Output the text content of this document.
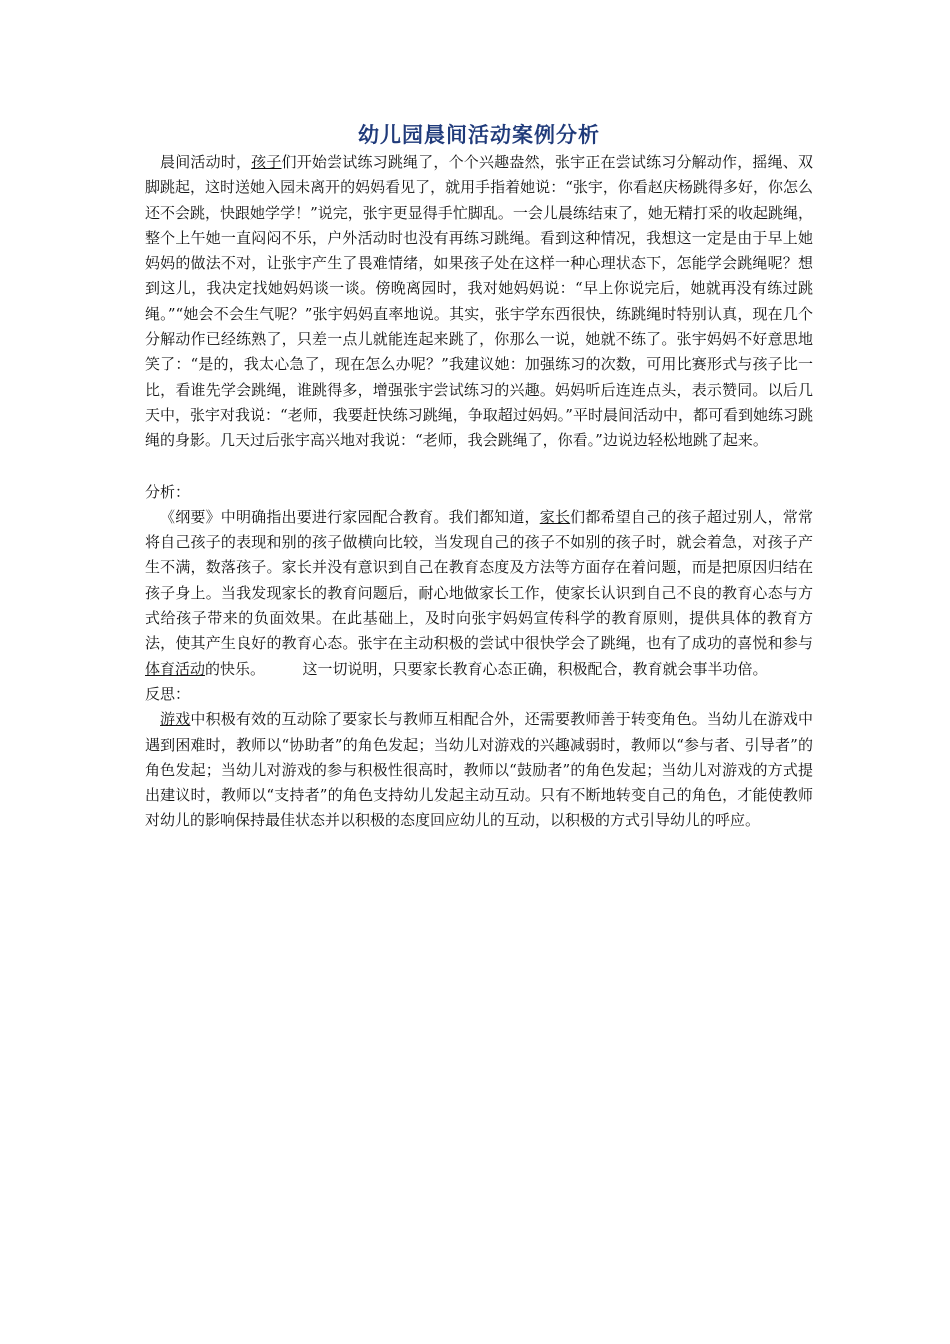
幼儿园晨间活动案例分析

晨间活动时，孩子们开始尝试练习跳绳了，个个兴趣盎然，张宇正在尝试练习分解动作，摇绳、双脚跳起，这时送她入园未离开的妈妈看见了，就用手指着她说：“张宇，你看赵庆杨跳得多好，你怎么还不会跳，快跟她学学！”说完，张宇更显得手忙脚乱。一会儿晨练结束了，她无精打采的收起跳绳，整个上午她一直闷闷不乐，户外活动时也没有再练习跳绳。看到这种情况，我想这一定是由于早上她妈妈的做法不对，让张宇产生了畏难情绪，如果孩子处在这样一种心理状态下，怎能学会跳绳呢？想到这儿，我决定找她妈妈谈一谈。傍晚离园时，我对她妈妈说：“早上你说完后，她就再没有练过跳绳。”“她会不会生气呢？”张宇妈妈直率地说。其实，张宇学东西很快，练跳绳时特别认真，现在几个分解动作已经练熟了，只差一点儿就能连起来跳了，你那么一说，她就不练了。张宇妈妈不好意思地笑了：“是的，我太心急了，现在怎么办呢？”我建议她：加强练习的次数，可用比赛形式与孩子比一比，看谁先学会跳绳，谁跳得多，增强张宇尝试练习的兴趣。妈妈听后连连点头，表示赞同。以后几天中，张宇对我说：“老师，我要赶快练习跳绳，争取超过妈妈。”平时晨间活动中，都可看到她练习跳绳的身影。几天过后张宇高兴地对我说：“老师，我会跳绳了，你看。”边说边轻松地跳了起来。

分析：

《纲要》中明确指出要进行家园配合教育。我们都知道，家长们都希望自己的孩子超过别人，常常将自己孩子的表现和别的孩子做横向比较，当发现自己的孩子不如别的孩子时，就会着急，对孩子产生不满，数落孩子。家长并没有意识到自己在教育态度及方法等方面存在着问题，而是把原因归结在孩子身上。当我发现家长的教育问题后，耐心地做家长工作，使家长认识到自己不良的教育心态与方式给孩子带来的负面效果。在此基础上，及时向张宇妈妈宣传科学的教育原则，提供具体的教育方法，使其产生良好的教育心态。张宇在主动积极的尝试中很快学会了跳绳，也有了成功的喜悦和参与体育活动的快乐。　　　这一切说明，只要家长教育心态正确，积极配合，教育就会事半功倍。

反思：

游戏中积极有效的互动除了要家长与教师互相配合外，还需要教师善于转变角色。当幼儿在游戏中遇到困难时，教师以“协助者”的角色发起；当幼儿对游戏的兴趣减弱时，教师以“参与者、引导者”的角色发起；当幼儿对游戏的参与积极性很高时，教师以“鼓励者”的角色发起；当幼儿对游戏的方式提出建议时，教师以“支持者”的角色支持幼儿发起主动互动。只有不断地转变自己的角色，才能使教师对幼儿的影响保持最佳状态并以积极的态度回应幼儿的互动，以积极的方式引导幼儿的呼应。
